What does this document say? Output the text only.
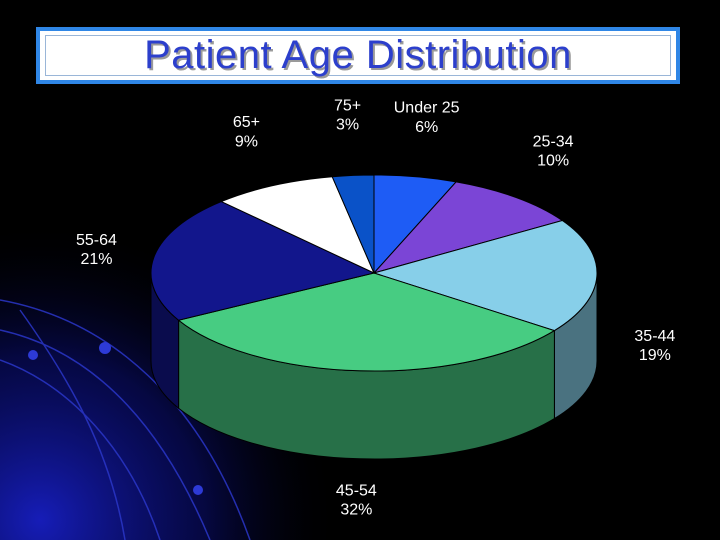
Patient Age Distribution
Under 25 6%
25-34 10%
35-44 19%
45-54 32%
55-64 21%
65+ 9%
75+ 3%
